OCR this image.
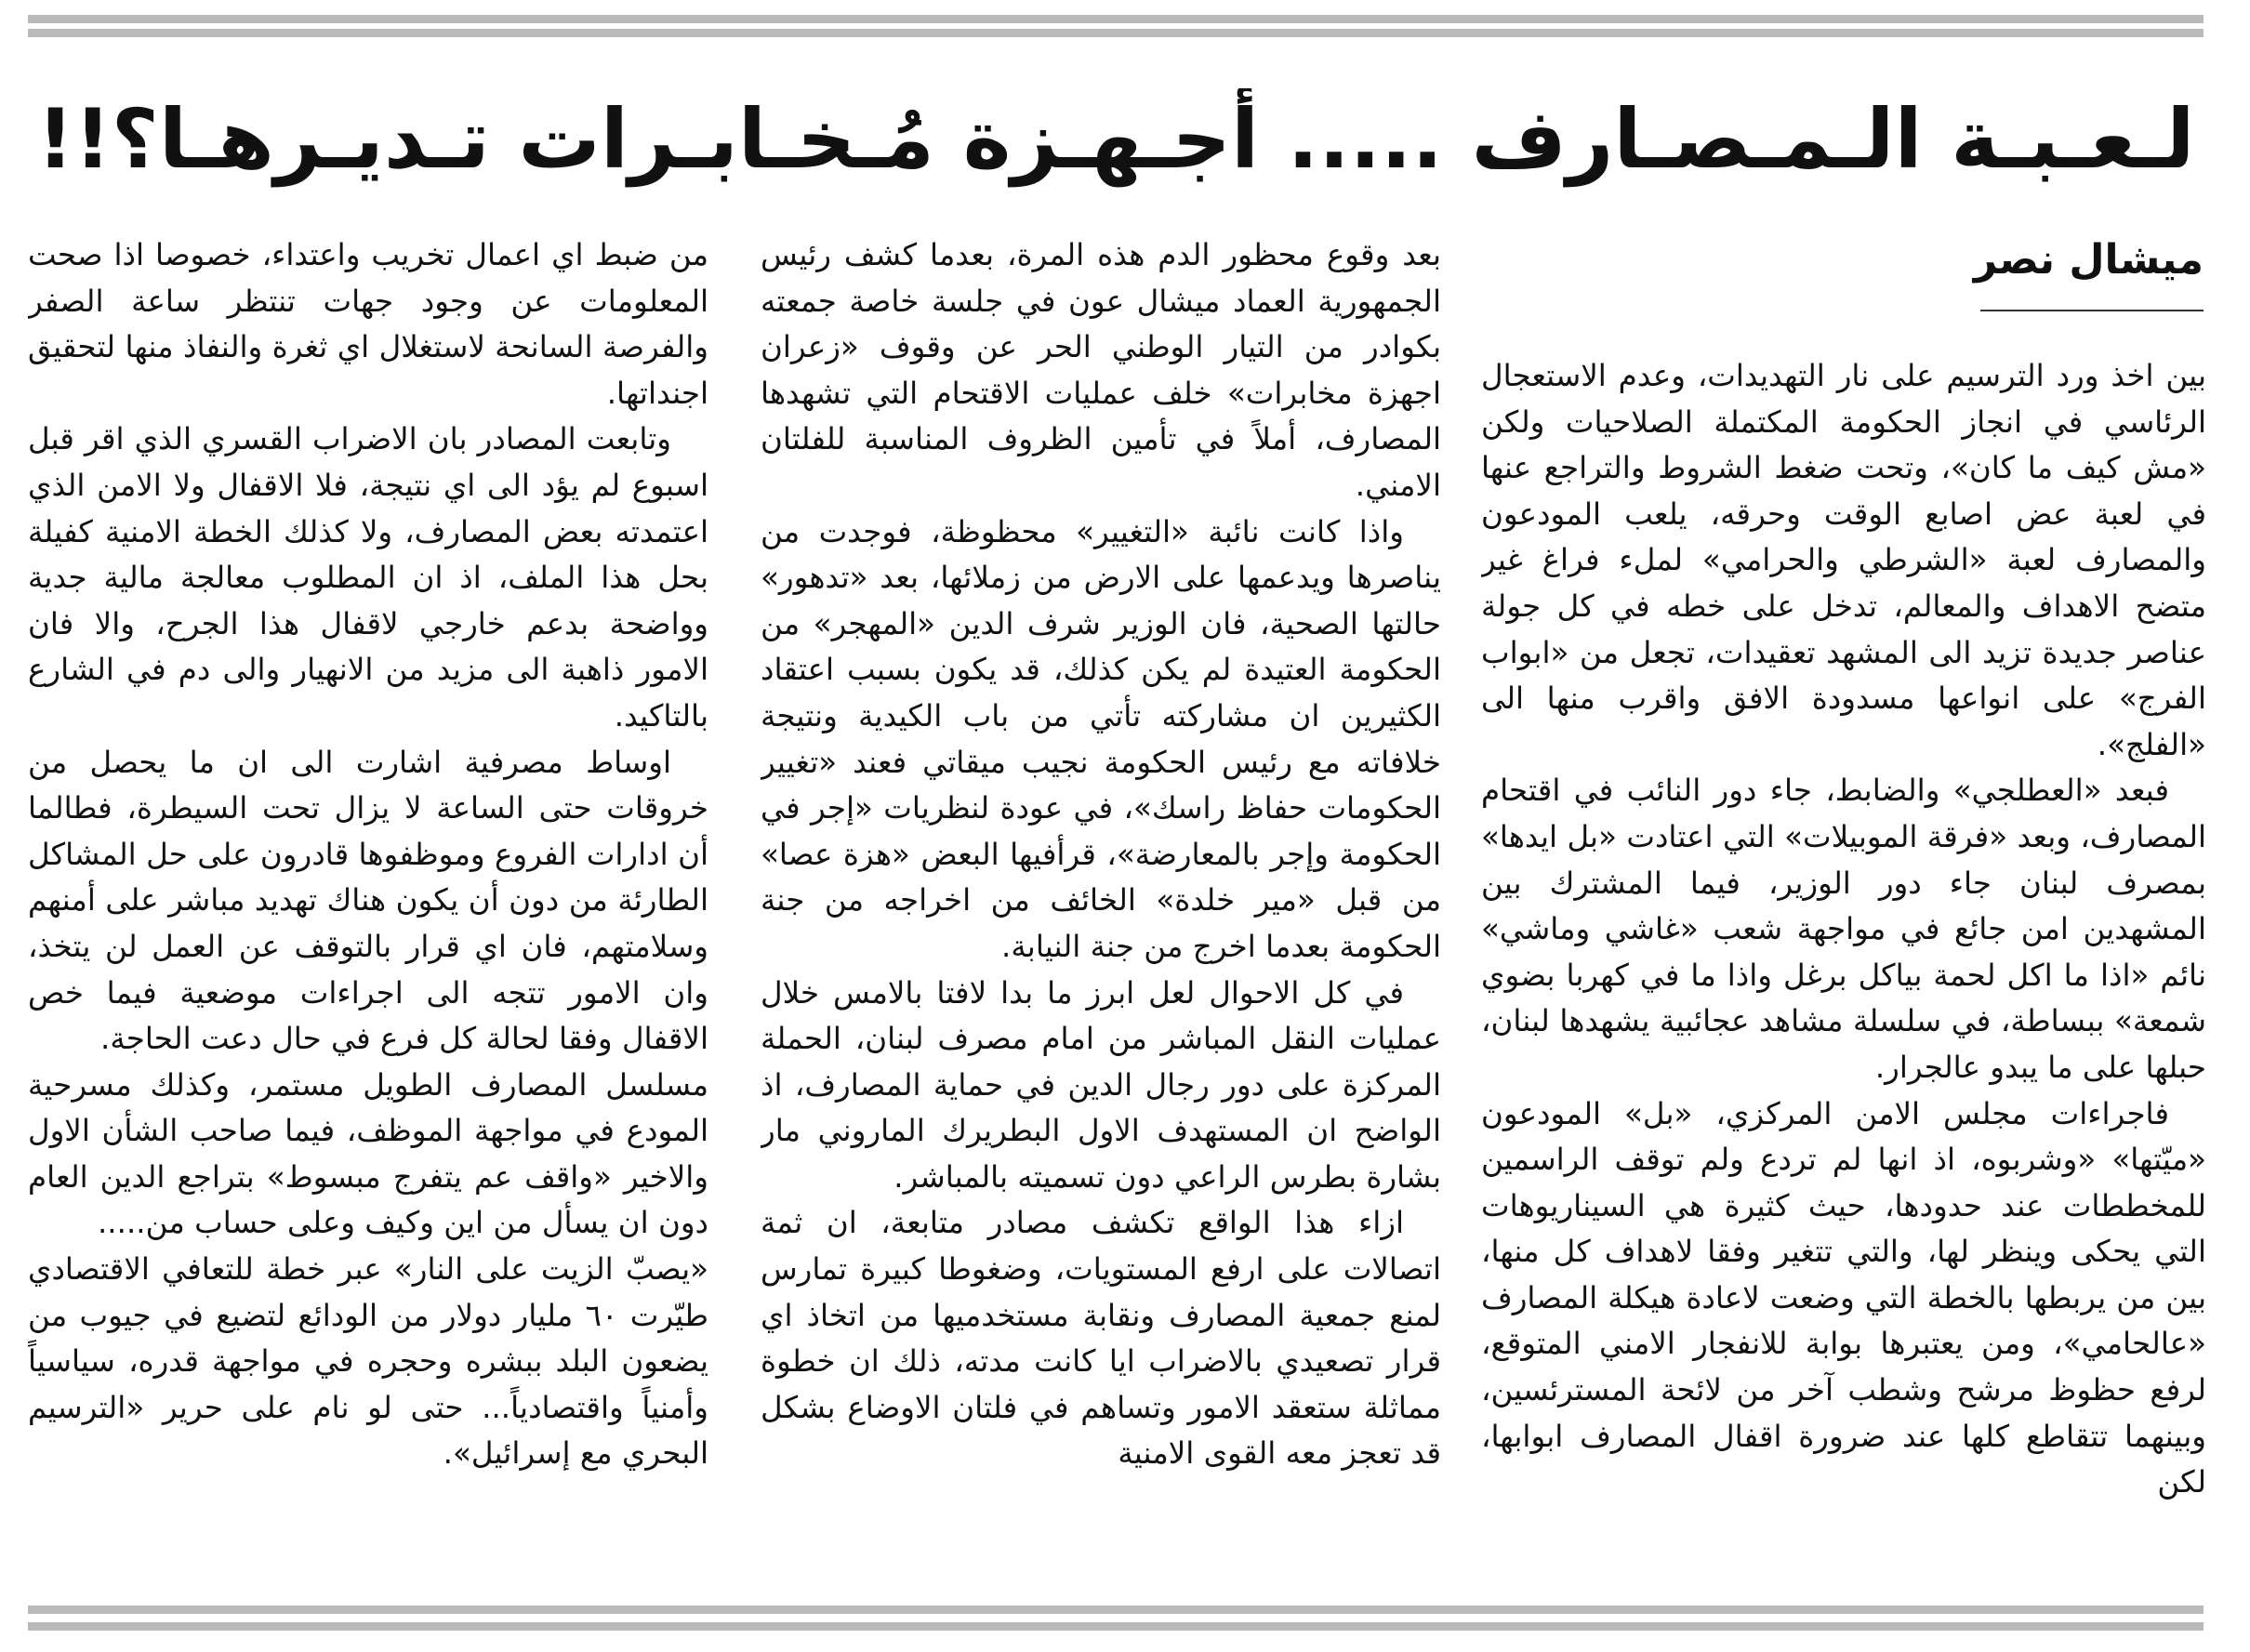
لـعـبـة الـمـصـارف ..... أجـهـزة مُـخـابـرات تـديـرهـا؟!!
ميشال نصر

بين اخذ ورد الترسيم على نار التهديدات، وعدم الاستعجال الرئاسي في انجاز الحكومة المكتملة الصلاحيات ولكن «مش كيف ما كان»، وتحت ضغط الشروط والتراجع عنها في لعبة عض اصابع الوقت وحرقه، يلعب المودعون والمصارف لعبة «الشرطي والحرامي» لملء فراغ غير متضح الاهداف والمعالم، تدخل على خطه في كل جولة عناصر جديدة تزيد الى المشهد تعقيدات، تجعل من «ابواب الفرج» على انواعها مسدودة الافق واقرب منها الى «الفلج».

فبعد «العطلجي» والضابط، جاء دور النائب في اقتحام المصارف، وبعد «فرقة الموبيلات» التي اعتادت «بل ايدها» بمصرف لبنان جاء دور الوزير، فيما المشترك بين المشهدين امن جائع في مواجهة شعب «غاشي وماشي» نائم «اذا ما اكل لحمة بياكل برغل واذا ما في كهربا بضوي شمعة» ببساطة، في سلسلة مشاهد عجائبية يشهدها لبنان، حبلها على ما يبدو عالجرار.

فاجراءات مجلس الامن المركزي، «بل» المودعون «ميّتها» «وشربوه، اذ انها لم تردع ولم توقف الراسمين للمخططات عند حدودها، حيث كثيرة هي السيناريوهات التي يحكى وينظر لها، والتي تتغير وفقا لاهداف كل منها، بين من يربطها بالخطة التي وضعت لاعادة هيكلة المصارف «عالحامي»، ومن يعتبرها بوابة للانفجار الامني المتوقع، لرفع حظوظ مرشح وشطب آخر من لائحة المسترئسين، وبينهما تتقاطع كلها عند ضرورة اقفال المصارف ابوابها، لكن

بعد وقوع محظور الدم هذه المرة، بعدما كشف رئيس الجمهورية العماد ميشال عون في جلسة خاصة جمعته بكوادر من التيار الوطني الحر عن وقوف «زعران اجهزة مخابرات» خلف عمليات الاقتحام التي تشهدها المصارف، أملاً في تأمين الظروف المناسبة للفلتان الامني.

واذا كانت نائبة «التغيير» محظوظة، فوجدت من يناصرها ويدعمها على الارض من زملائها، بعد «تدهور» حالتها الصحية، فان الوزير شرف الدين «المهجر» من الحكومة العتيدة لم يكن كذلك، قد يكون بسبب اعتقاد الكثيرين ان مشاركته تأتي من باب الكيدية ونتيجة خلافاته مع رئيس الحكومة نجيب ميقاتي فعند «تغيير الحكومات حفاظ راسك»، في عودة لنظريات «إجر في الحكومة وإجر بالمعارضة»، قرأفيها البعض «هزة عصا» من قبل «مير خلدة» الخائف من اخراجه من جنة الحكومة بعدما اخرج من جنة النيابة.

في كل الاحوال لعل ابرز ما بدا لافتا بالامس خلال عمليات النقل المباشر من امام مصرف لبنان، الحملة المركزة على دور رجال الدين في حماية المصارف، اذ الواضح ان المستهدف الاول البطريرك الماروني مار بشارة بطرس الراعي دون تسميته بالمباشر.

ازاء هذا الواقع تكشف مصادر متابعة، ان ثمة اتصالات على ارفع المستويات، وضغوطا كبيرة تمارس لمنع جمعية المصارف ونقابة مستخدميها من اتخاذ اي قرار تصعيدي بالاضراب ايا كانت مدته، ذلك ان خطوة مماثلة ستعقد الامور وتساهم في فلتان الاوضاع بشكل قد تعجز معه القوى الامنية

من ضبط اي اعمال تخريب واعتداء، خصوصا اذا صحت المعلومات عن وجود جهات تنتظر ساعة الصفر والفرصة السانحة لاستغلال اي ثغرة والنفاذ منها لتحقيق اجنداتها.

وتابعت المصادر بان الاضراب القسري الذي اقر قبل اسبوع لم يؤد الى اي نتيجة، فلا الاقفال ولا الامن الذي اعتمدته بعض المصارف، ولا كذلك الخطة الامنية كفيلة بحل هذا الملف، اذ ان المطلوب معالجة مالية جدية وواضحة بدعم خارجي لاقفال هذا الجرح، والا فان الامور ذاهبة الى مزيد من الانهيار والى دم في الشارع بالتاكيد.

اوساط مصرفية اشارت الى ان ما يحصل من خروقات حتى الساعة لا يزال تحت السيطرة، فطالما أن ادارات الفروع وموظفوها قادرون على حل المشاكل الطارئة من دون أن يكون هناك تهديد مباشر على أمنهم وسلامتهم، فان اي قرار بالتوقف عن العمل لن يتخذ، وان الامور تتجه الى اجراءات موضعية فيما خص الاقفال وفقا لحالة كل فرع في حال دعت الحاجة.

مسلسل المصارف الطويل مستمر، وكذلك مسرحية المودع في مواجهة الموظف، فيما صاحب الشأن الاول والاخير «واقف عم يتفرج مبسوط» بتراجع الدين العام دون ان يسأل من اين وكيف وعلى حساب من.....

«يصبّ الزيت على النار» عبر خطة للتعافي الاقتصادي طيّرت ٦٠ مليار دولار من الودائع لتضيع في جيوب من يضعون البلد ببشره وحجره في مواجهة قدره، سياسياً وأمنياً واقتصادياً... حتى لو نام على حرير «الترسيم البحري مع إسرائيل».
